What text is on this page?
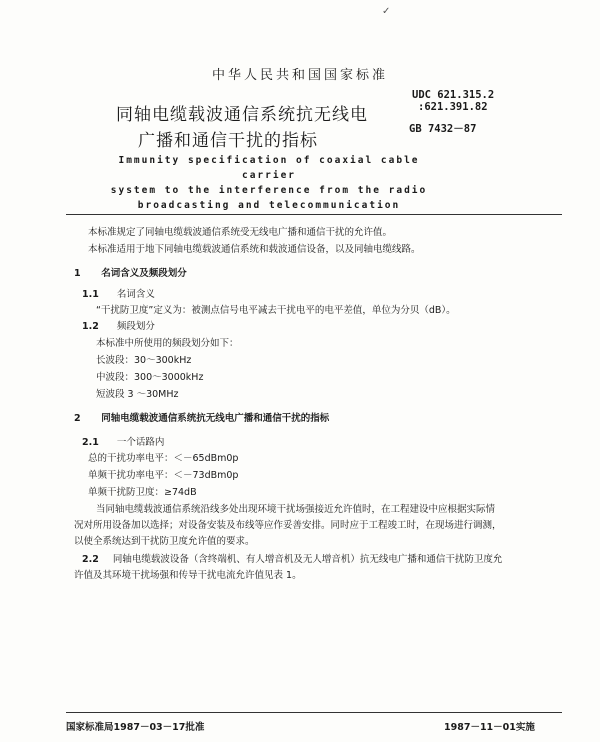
✓
中华人民共和国国家标准
UDC 621.315.2
:621.391.82
GB 7432－87
同轴电缆载波通信系统抗无线电
广播和通信干扰的指标
Immunity specification of coaxial cable carrier
system to the interference from the radio
broadcasting and telecommunication
本标准规定了同轴电缆载波通信系统受无线电广播和通信干扰的允许值。
本标准适用于地下同轴电缆载波通信系统和载波通信设备，以及同轴电缆线路。
1 名词含义及频段划分
1.1 名词含义
“干扰防卫度”定义为：被测点信号电平减去干扰电平的电平差值，单位为分贝（dB）。
1.2 频段划分
本标准中所使用的频段划分如下：
长波段：30～300kHz
中波段：300～3000kHz
短波段 3 ～30MHz
2 同轴电缆载波通信系统抗无线电广播和通信干扰的指标
2.1 一个话路内
总的干扰功率电平：＜－65dBm0p
单频干扰功率电平：＜－73dBm0p
单频干扰防卫度：≥74dB
当同轴电缆载波通信系统沿线多处出现环境干扰场强接近允许值时，在工程建设中应根据实际情
况对所用设备加以选择；对设备安装及布线等应作妥善安排。同时应于工程竣工时，在现场进行调测，
以使全系统达到干扰防卫度允许值的要求。
2.2 同轴电缆载波设备（含终端机、有人增音机及无人增音机）抗无线电广播和通信干扰防卫度允
许值及其环境干扰场强和传导干扰电流允许值见表 1。
国家标准局1987－03－17批准	1987－11－01实施
